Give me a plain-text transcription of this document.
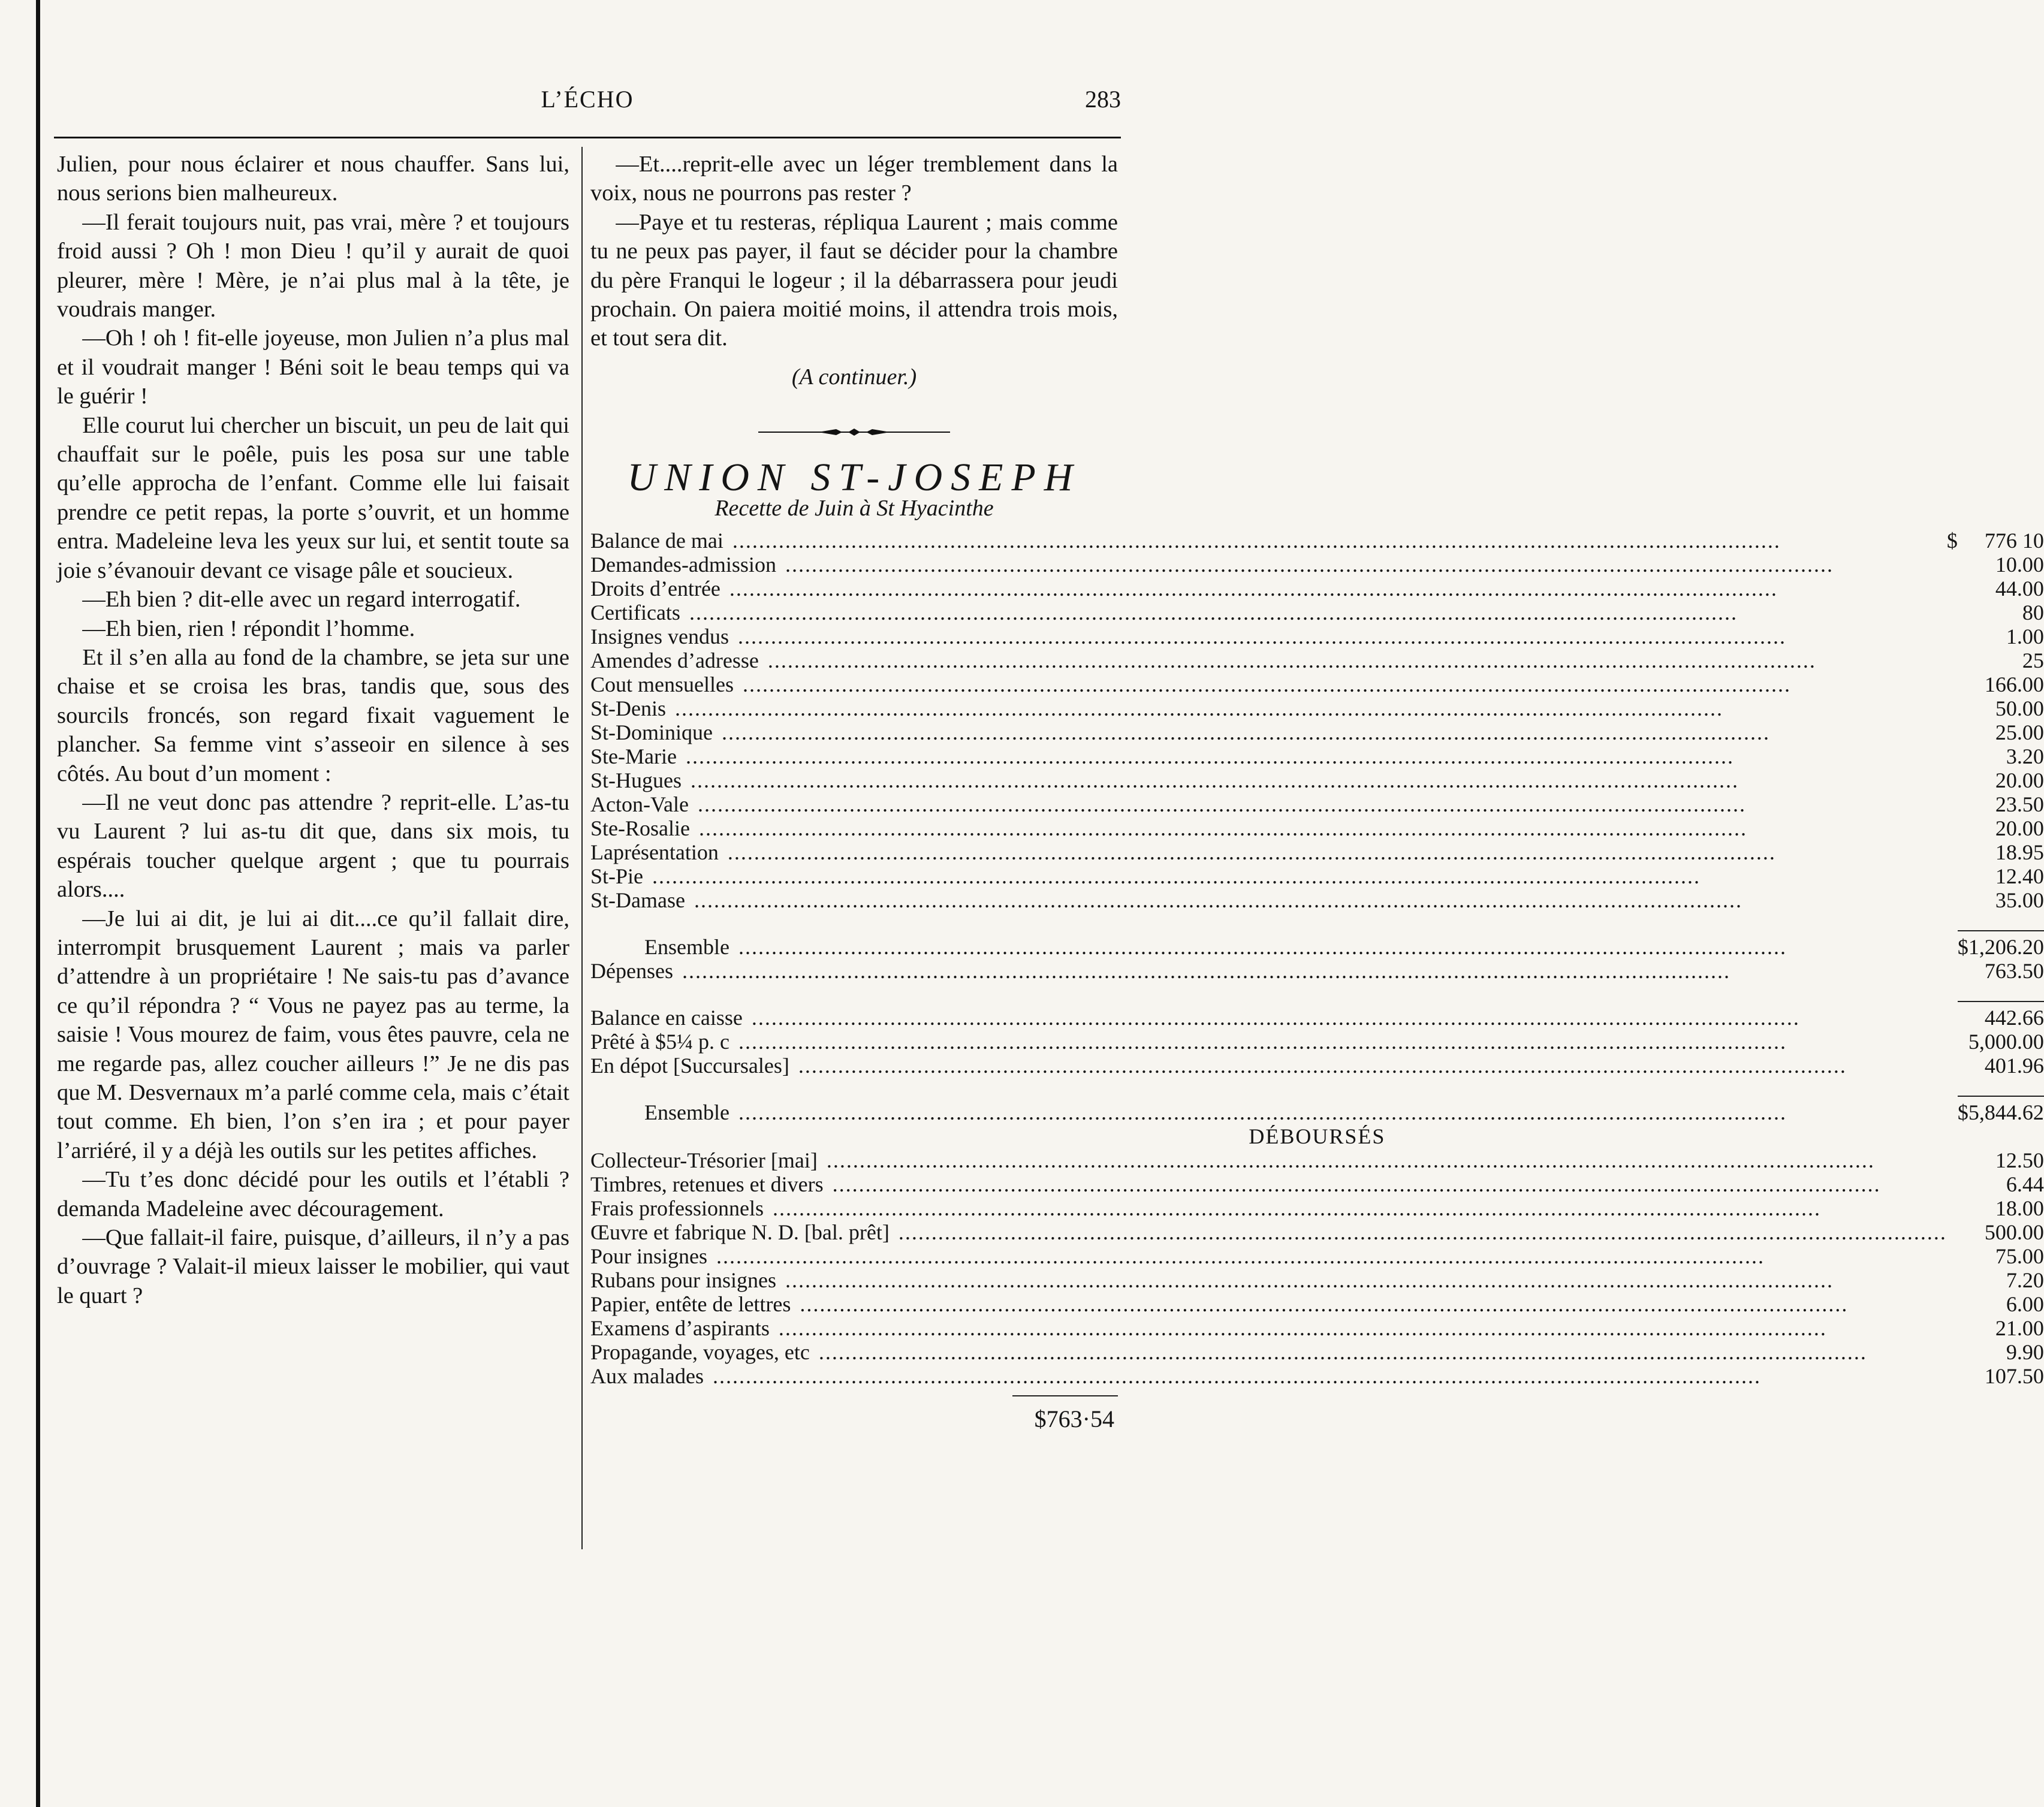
L’ÉCHO	283

Julien, pour nous éclairer et nous chauffer. Sans lui, nous serions bien malheureux.

—Il ferait toujours nuit, pas vrai, mère ? et toujours froid aussi ? Oh ! mon Dieu ! qu’il y aurait de quoi pleurer, mère ! Mère, je n’ai plus mal à la tête, je voudrais manger.

—Oh ! oh ! fit-elle joyeuse, mon Julien n’a plus mal et il voudrait manger ! Béni soit le beau temps qui va le guérir !

Elle courut lui chercher un biscuit, un peu de lait qui chauffait sur le poêle, puis les posa sur une table qu’elle approcha de l’enfant. Comme elle lui faisait prendre ce petit repas, la porte s’ouvrit, et un homme entra. Madeleine leva les yeux sur lui, et sentit toute sa joie s’évanouir devant ce visage pâle et soucieux.

—Eh bien ? dit-elle avec un regard interrogatif.

—Eh bien, rien ! répondit l’homme.

Et il s’en alla au fond de la chambre, se jeta sur une chaise et se croisa les bras, tandis que, sous des sourcils froncés, son regard fixait vaguement le plancher. Sa femme vint s’asseoir en silence à ses côtés. Au bout d’un moment :

—Il ne veut donc pas attendre ? reprit-elle. L’as-tu vu Laurent ? lui as-tu dit que, dans six mois, tu espérais toucher quelque argent ; que tu pourrais alors....

—Je lui ai dit, je lui ai dit....ce qu’il fallait dire, interrompit brusquement Laurent ; mais va parler d’attendre à un propriétaire ! Ne sais-tu pas d’avance ce qu’il répondra ? “ Vous ne payez pas au terme, la saisie ! Vous mourez de faim, vous êtes pauvre, cela ne me regarde pas, allez coucher ailleurs !” Je ne dis pas que M. Desvernaux m’a parlé comme cela, mais c’était tout comme. Eh bien, l’on s’en ira ; et pour payer l’arriéré, il y a déjà les outils sur les petites affiches.

—Tu t’es donc décidé pour les outils et l’établi ? demanda Madeleine avec découragement.

—Que fallait-il faire, puisque, d’ailleurs, il n’y a pas d’ouvrage ? Valait-il mieux laisser le mobilier, qui vaut le quart ?

—Et....reprit-elle avec un léger tremblement dans la voix, nous ne pourrons pas rester ?

—Paye et tu resteras, répliqua Laurent ; mais comme tu ne peux pas payer, il faut se décider pour la chambre du père Franqui le logeur ; il la débarrassera pour jeudi prochain. On paiera moitié moins, il attendra trois mois, et tout sera dit.

(A continuer.)
UNION ST-JOSEPH
Recette de Juin à St Hyacinthe
Balance de mai .....	$	776 10

Demandes-admission .....		10.00

Droits d’entrée .....		44.00

Certificats .....		80

Insignes vendus .....		1.00

Amendes d’adresse .....		25

Cout mensuelles .....		166.00

St-Denis .....		50.00

St-Dominique .....		25.00

Ste-Marie .....		3.20

St-Hugues .....		20.00

Acton-Vale .....		23.50

Ste-Rosalie .....		20.00

Laprésentation .....		18.95

St-Pie .....		12.40

St-Damase .....		35.00

Ensemble .....		$1,206.20

Dépenses .....		763.50

Balance en caisse .....		442.66

Prêté à $5¼ p. c .....		5,000.00

En dépot [Succursales] .....		401.96

Ensemble .....		$5,844.62

DÉBOURSÉS		

Collecteur-Trésorier [mai] .....		12.50

Timbres, retenues et divers .....		6.44

Frais professionnels .....		18.00

Œuvre et fabrique N. D. [bal. prêt] .....		500.00

Pour insignes .....		75.00

Rubans pour insignes .....		7.20

Papier, entête de lettres .....		6.00

Examens d’aspirants .....		21.00

Propagande, voyages, etc .....		9.90

Aux malades .....		107.50
$763·54
